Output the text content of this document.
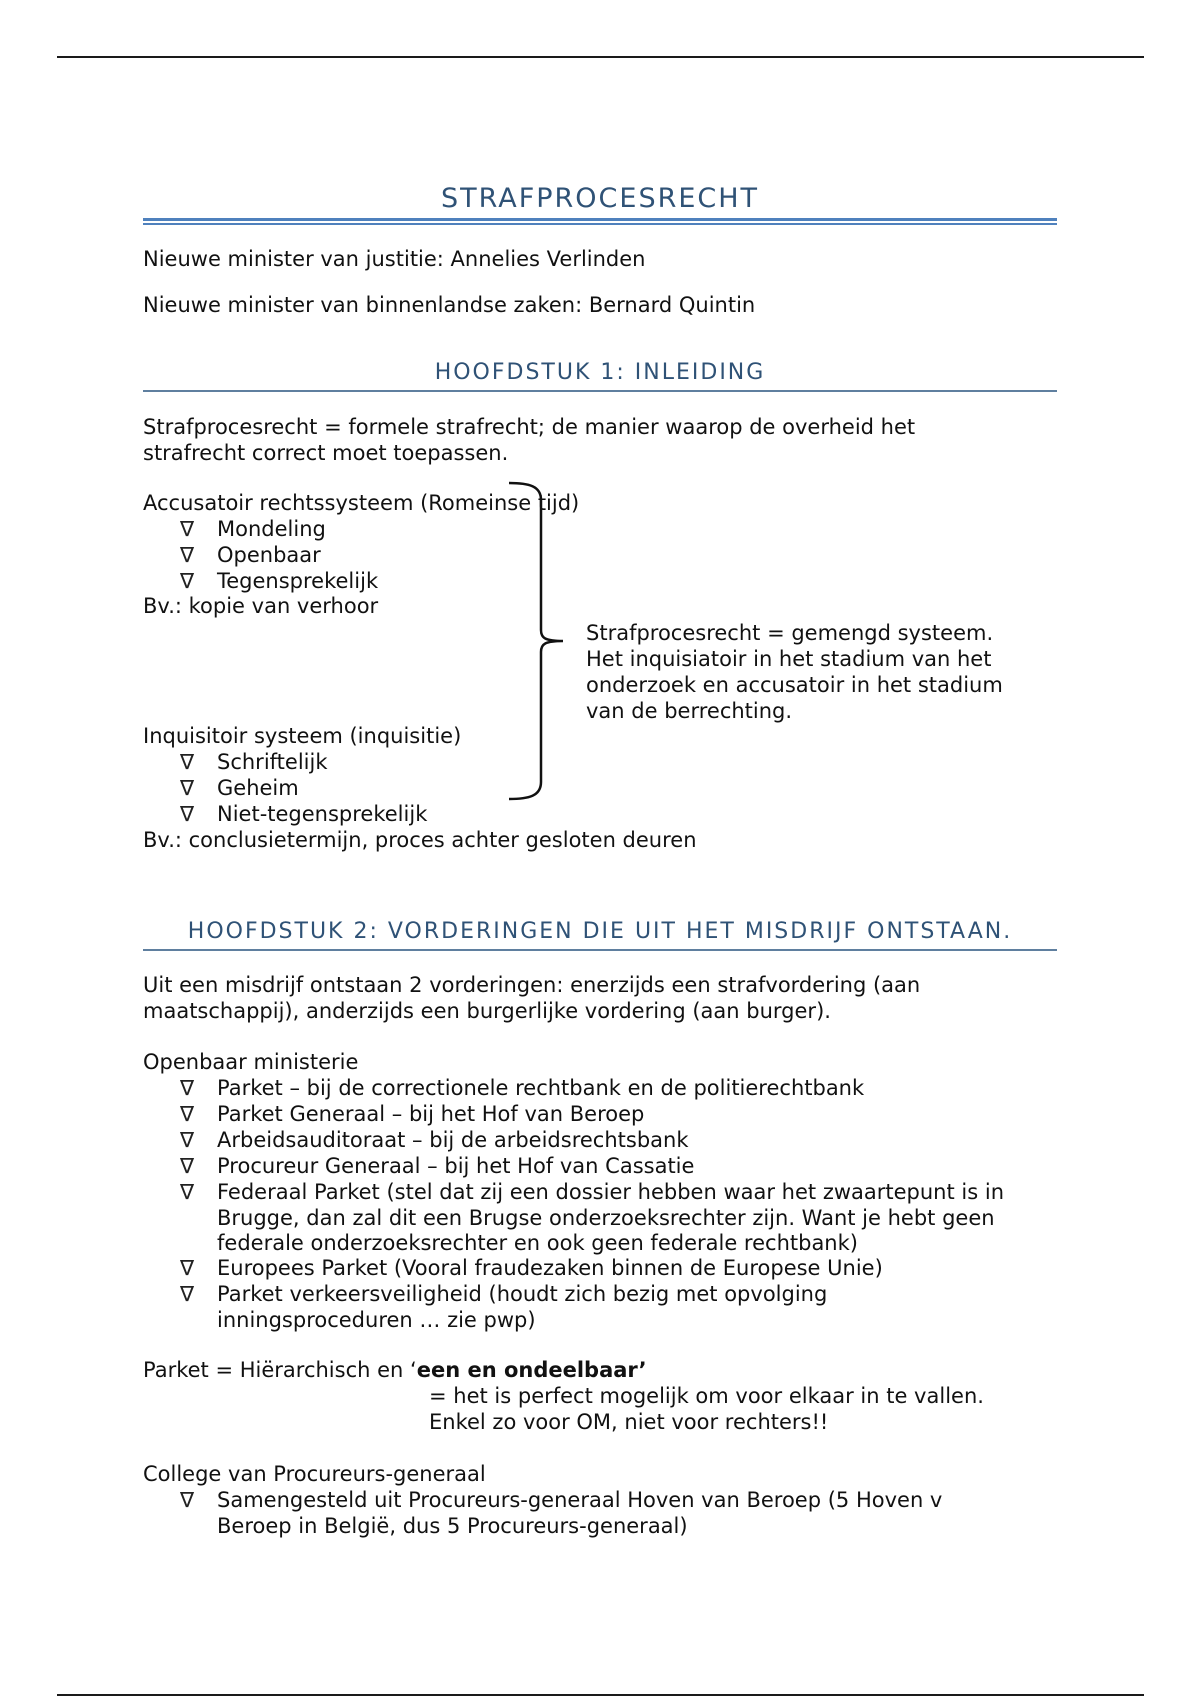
STRAFPROCESRECHT
Nieuwe minister van justitie: Annelies Verlinden
Nieuwe minister van binnenlandse zaken: Bernard Quintin
HOOFDSTUK 1: INLEIDING
Strafprocesrecht = formele strafrecht; de manier waarop de overheid het
strafrecht correct moet toepassen.
Accusatoir rechtssysteem (Romeinse tijd)
∇	Mondeling
∇	Openbaar
∇	Tegensprekelijk
Bv.: kopie van verhoor
Strafprocesrecht = gemengd systeem.
Het inquisiatoir in het stadium van het
onderzoek en accusatoir in het stadium
van de berrechting.
Inquisitoir systeem (inquisitie)
∇	Schriftelijk
∇	Geheim
∇	Niet-tegensprekelijk
Bv.: conclusietermijn, proces achter gesloten deuren
HOOFDSTUK 2: VORDERINGEN DIE UIT HET MISDRIJF ONTSTAAN.
Uit een misdrijf ontstaan 2 vorderingen: enerzijds een strafvordering (aan
maatschappij), anderzijds een burgerlijke vordering (aan burger).
Openbaar ministerie
∇	Parket – bij de correctionele rechtbank en de politierechtbank
∇	Parket Generaal – bij het Hof van Beroep
∇	Arbeidsauditoraat – bij de arbeidsrechtsbank
∇	Procureur Generaal – bij het Hof van Cassatie
∇	Federaal Parket (stel dat zij een dossier hebben waar het zwaartepunt is in
Brugge, dan zal dit een Brugse onderzoeksrechter zijn. Want je hebt geen
federale onderzoeksrechter en ook geen federale rechtbank)
∇	Europees Parket (Vooral fraudezaken binnen de Europese Unie)
∇	Parket verkeersveiligheid (houdt zich bezig met opvolging
inningsproceduren … zie pwp)
Parket = Hiërarchisch en ‘een en ondeelbaar’
= het is perfect mogelijk om voor elkaar in te vallen.
Enkel zo voor OM, niet voor rechters!!
College van Procureurs-generaal
∇	Samengesteld uit Procureurs-generaal Hoven van Beroep (5 Hoven v
Beroep in België, dus 5 Procureurs-generaal)
